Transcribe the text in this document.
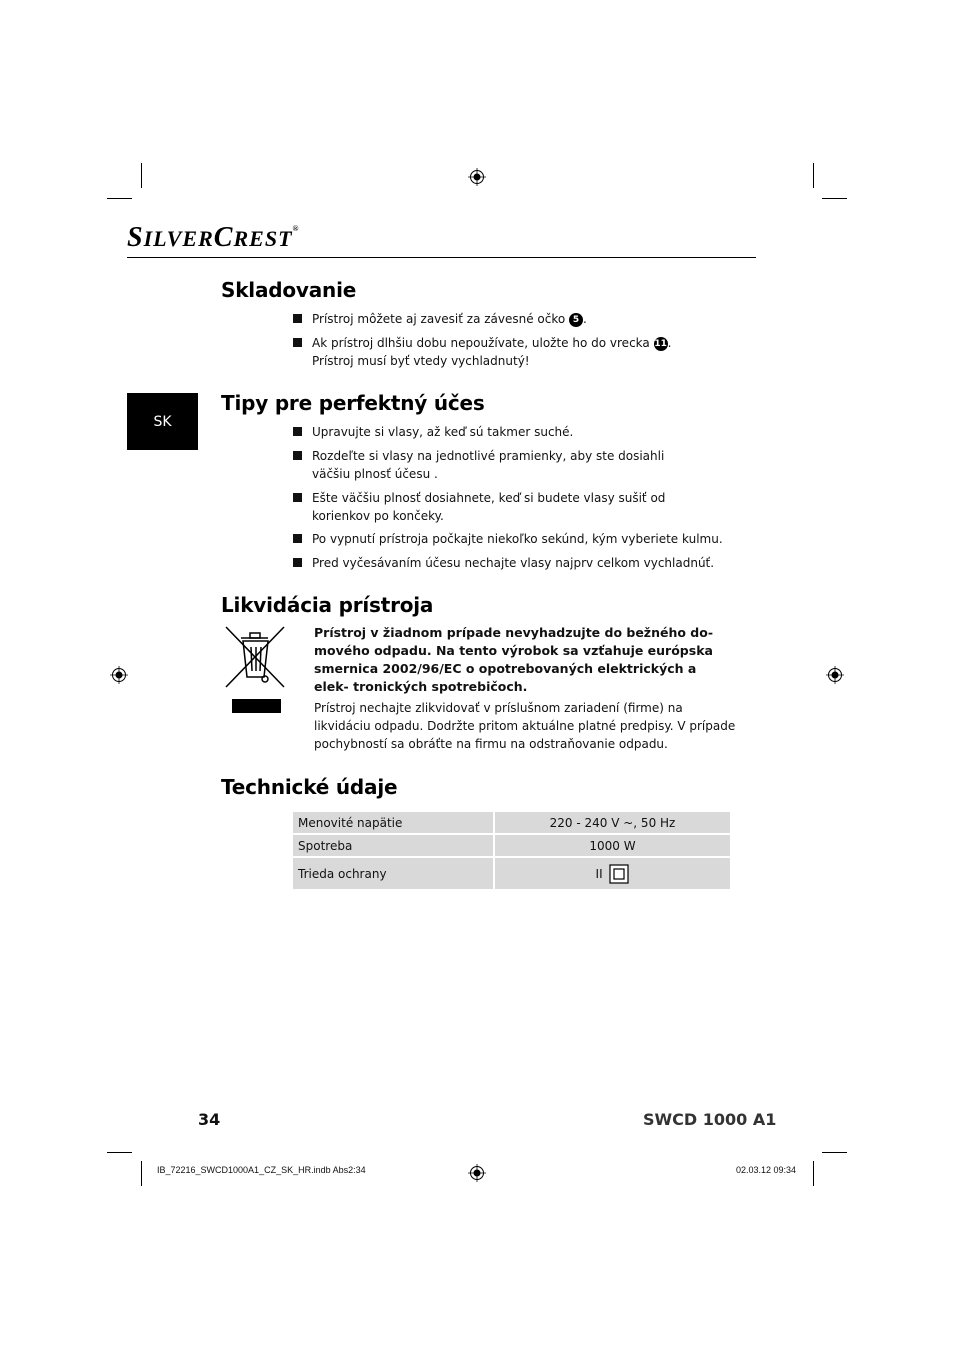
SILVERCREST®
Skladovanie
Prístroj môžete aj zavesiť za závesné očko 5 .
Ak prístroj dlhšiu dobu nepoužívate, uložte ho do vrecka 11.
Prístroj musí byť vtedy vychladnutý!
SK
Tipy pre perfektný účes
Upravujte si vlasy, až keď sú takmer suché.
Rozdeľte si vlasy na jednotlivé pramienky, aby ste dosiahli väčšiu plnosť účesu .
Ešte väčšiu plnosť dosiahnete, keď si budete vlasy sušiť od korienkov po končeky.
Po vypnutí prístroja počkajte niekoľko sekúnd, kým vyberiete kulmu.
Pred vyčesávaním účesu nechajte vlasy najprv celkom vychladnúť.
Likvidácia prístroja
Prístroj v žiadnom prípade nevyhadzujte do bežného do- mového odpadu. Na tento výrobok sa vzťahuje európska smernica 2002/96/EC o opotrebovaných elektrických a elek- tronických spotrebičoch.
Prístroj nechajte zlikvidovať v príslušnom zariadení (firme) na likvidáciu odpadu. Dodržte pritom aktuálne platné predpisy. V prípade pochybností sa obráťte na firmu na odstraňovanie odpadu.
Technické údaje
Menovité napätie	220 - 240 V ~, 50 Hz
Spotreba	1000 W
Trieda ochrany	II
34	SWCD 1000 A1
IB_72216_SWCD1000A1_CZ_SK_HR.indb Abs2:34	02.03.12 09:34
